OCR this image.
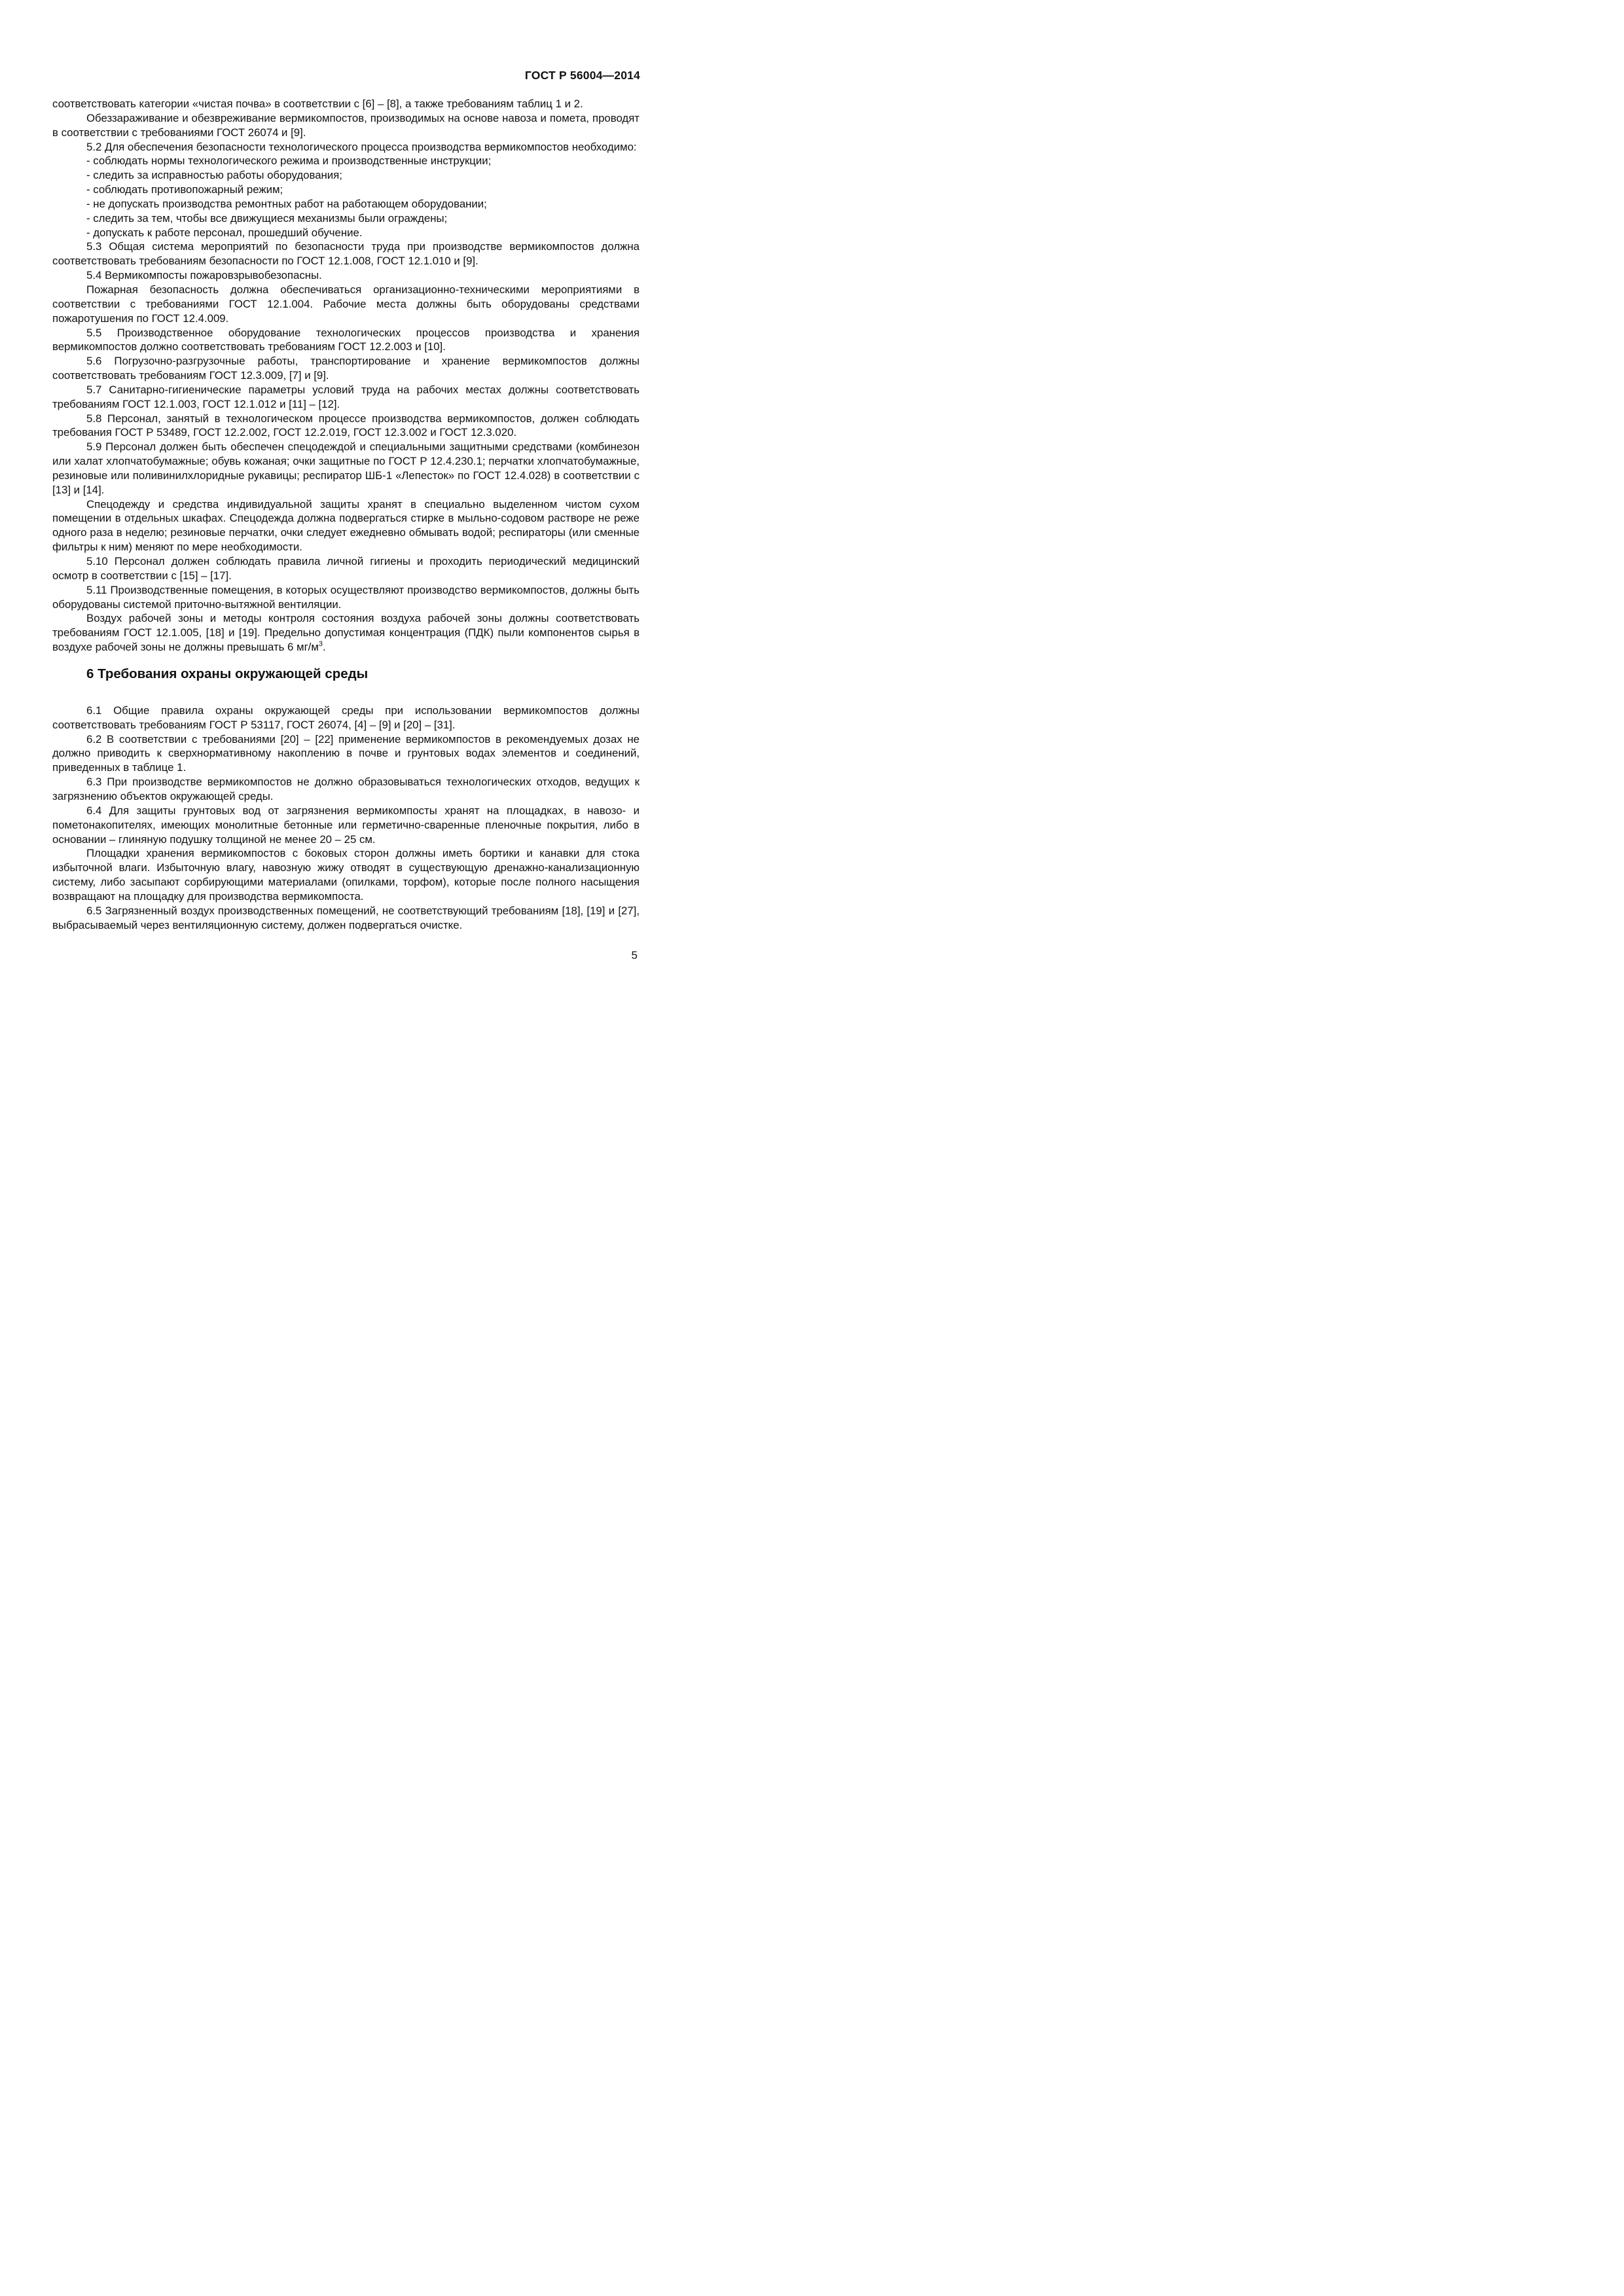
ГОСТ Р 56004—2014

соответствовать категории «чистая почва» в соответствии с [6] – [8], а также требованиям таблиц 1 и 2.

Обеззараживание и обезвреживание вермикомпостов, производимых на основе навоза и помета, проводят в соответствии с требованиями ГОСТ 26074 и [9].

5.2 Для обеспечения безопасности технологического процесса производства вермикомпостов необходимо:

- соблюдать нормы технологического режима и производственные инструкции;

- следить за исправностью работы оборудования;

- соблюдать противопожарный режим;

- не допускать производства ремонтных работ на работающем оборудовании;

- следить за тем, чтобы все движущиеся механизмы были ограждены;

- допускать к работе персонал, прошедший обучение.

5.3 Общая система мероприятий по безопасности труда при производстве вермикомпостов должна соответствовать требованиям безопасности по ГОСТ 12.1.008, ГОСТ 12.1.010 и [9].

5.4 Вермикомпосты пожаровзрывобезопасны.

Пожарная безопасность должна обеспечиваться организационно-техническими мероприятиями в соответствии с требованиями ГОСТ 12.1.004. Рабочие места должны быть оборудованы средствами пожаротушения по ГОСТ 12.4.009.

5.5 Производственное оборудование технологических процессов производства и хранения вермикомпостов должно соответствовать требованиям ГОСТ 12.2.003 и [10].

5.6 Погрузочно-разгрузочные работы, транспортирование и хранение вермикомпостов должны соответствовать требованиям ГОСТ 12.3.009, [7] и [9].

5.7 Санитарно-гигиенические параметры условий труда на рабочих местах должны соответствовать требованиям ГОСТ 12.1.003, ГОСТ 12.1.012 и [11] – [12].

5.8 Персонал, занятый в технологическом процессе производства вермикомпостов, должен соблюдать требования ГОСТ Р 53489, ГОСТ 12.2.002, ГОСТ 12.2.019, ГОСТ 12.3.002 и ГОСТ 12.3.020.

5.9 Персонал должен быть обеспечен спецодеждой и специальными защитными средствами (комбинезон или халат хлопчатобумажные; обувь кожаная; очки защитные по ГОСТ Р 12.4.230.1; перчатки хлопчатобумажные, резиновые или поливинилхлоридные рукавицы; респиратор ШБ-1 «Лепесток» по ГОСТ 12.4.028) в соответствии с [13] и [14].

Спецодежду и средства индивидуальной защиты хранят в специально выделенном чистом сухом помещении в отдельных шкафах. Спецодежда должна подвергаться стирке в мыльно-содовом растворе не реже одного раза в неделю; резиновые перчатки, очки следует ежедневно обмывать водой; респираторы (или сменные фильтры к ним) меняют по мере необходимости.

5.10 Персонал должен соблюдать правила личной гигиены и проходить периодический медицинский осмотр в соответствии с [15] – [17].

5.11 Производственные помещения, в которых осуществляют производство вермикомпостов, должны быть оборудованы системой приточно-вытяжной вентиляции.

Воздух рабочей зоны и методы контроля состояния воздуха рабочей зоны должны соответствовать требованиям ГОСТ 12.1.005, [18] и [19]. Предельно допустимая концентрация (ПДК) пыли компонентов сырья в воздухе рабочей зоны не должны превышать 6 $мг/м^3$.

6 Требования охраны окружающей среды

6.1 Общие правила охраны окружающей среды при использовании вермикомпостов должны соответствовать требованиям ГОСТ Р 53117, ГОСТ 26074, [4] – [9] и [20] – [31].

6.2 В соответствии с требованиями [20] – [22] применение вермикомпостов в рекомендуемых дозах не должно приводить к сверхнормативному накоплению в почве и грунтовых водах элементов и соединений, приведенных в таблице 1.

6.3 При производстве вермикомпостов не должно образовываться технологических отходов, ведущих к загрязнению объектов окружающей среды.

6.4 Для защиты грунтовых вод от загрязнения вермикомпосты хранят на площадках, в навозо- и пометонакопителях, имеющих монолитные бетонные или герметично-сваренные пленочные покрытия, либо в основании – глиняную подушку толщиной не менее 20 – 25 см.

Площадки хранения вермикомпостов с боковых сторон должны иметь бортики и канавки для стока избыточной влаги. Избыточную влагу, навозную жижу отводят в существующую дренажно-канализационную систему, либо засыпают сорбирующими материалами (опилками, торфом), которые после полного насыщения возвращают на площадку для производства вермикомпоста.

6.5 Загрязненный воздух производственных помещений, не соответствующий требованиям [18], [19] и [27], выбрасываемый через вентиляционную систему, должен подвергаться очистке.

5
